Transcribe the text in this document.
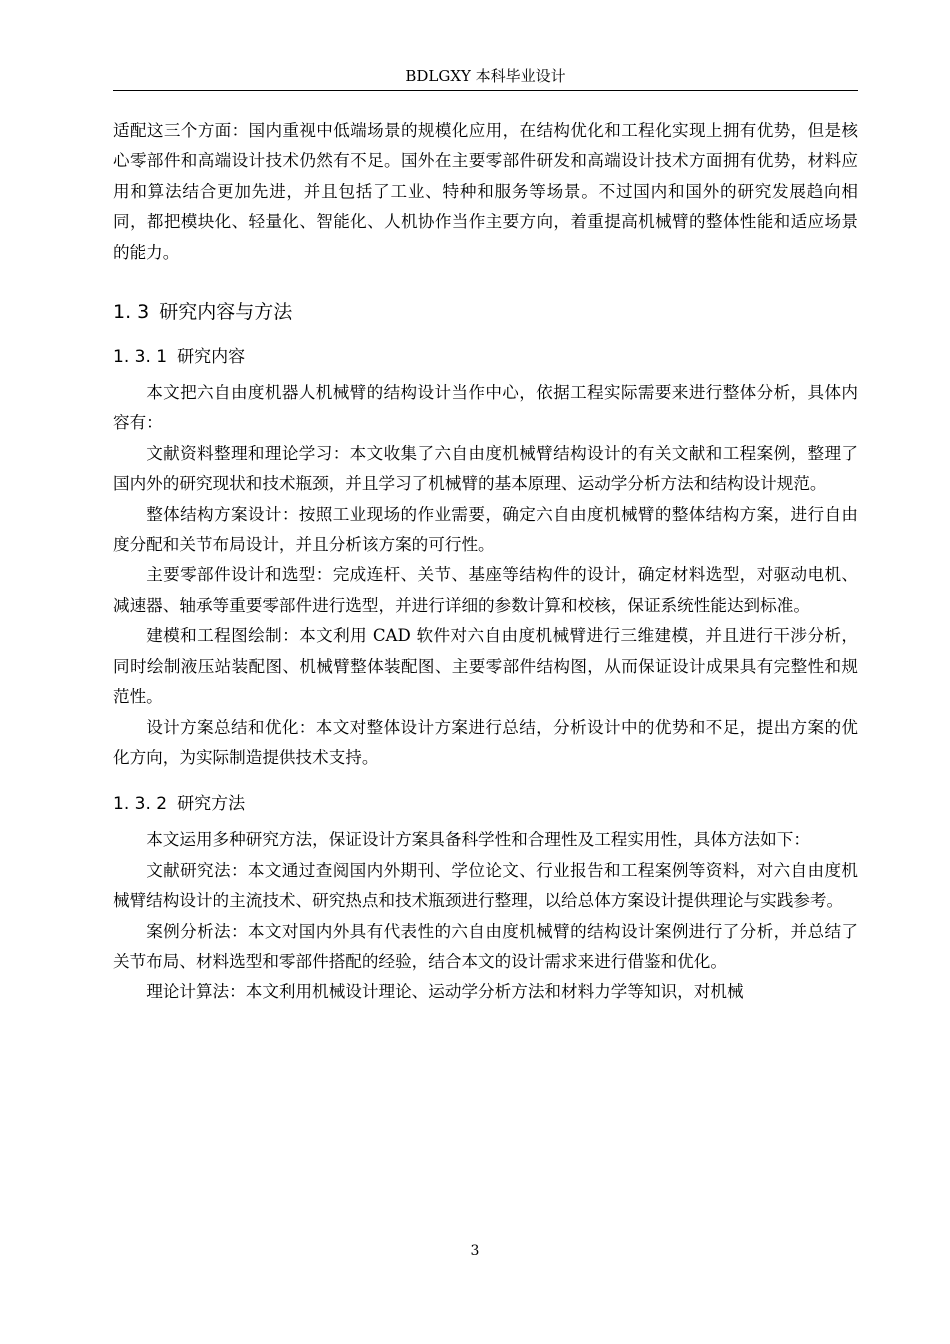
BDLGXY 本科毕业设计

适配这三个方面：国内重视中低端场景的规模化应用，在结构优化和工程化实现上拥有优势，但是核心零部件和高端设计技术仍然有不足。国外在主要零部件研发和高端设计技术方面拥有优势，材料应用和算法结合更加先进，并且包括了工业、特种和服务等场景。不过国内和国外的研究发展趋向相同，都把模块化、轻量化、智能化、人机协作当作主要方向，着重提高机械臂的整体性能和适应场景的能力。

1. 3 研究内容与方法
1. 3. 1 研究内容

本文把六自由度机器人机械臂的结构设计当作中心，依据工程实际需要来进行整体分析，具体内容有：

文献资料整理和理论学习：本文收集了六自由度机械臂结构设计的有关文献和工程案例，整理了国内外的研究现状和技术瓶颈，并且学习了机械臂的基本原理、运动学分析方法和结构设计规范。

整体结构方案设计：按照工业现场的作业需要，确定六自由度机械臂的整体结构方案，进行自由度分配和关节布局设计，并且分析该方案的可行性。

主要零部件设计和选型：完成连杆、关节、基座等结构件的设计，确定材料选型，对驱动电机、减速器、轴承等重要零部件进行选型，并进行详细的参数计算和校核，保证系统性能达到标准。

建模和工程图绘制：本文利用 CAD 软件对六自由度机械臂进行三维建模，并且进行干涉分析，同时绘制液压站装配图、机械臂整体装配图、主要零部件结构图，从而保证设计成果具有完整性和规范性。

设计方案总结和优化：本文对整体设计方案进行总结，分析设计中的优势和不足，提出方案的优化方向，为实际制造提供技术支持。

1. 3. 2 研究方法

本文运用多种研究方法，保证设计方案具备科学性和合理性及工程实用性，具体方法如下：

文献研究法：本文通过查阅国内外期刊、学位论文、行业报告和工程案例等资料，对六自由度机械臂结构设计的主流技术、研究热点和技术瓶颈进行整理，以给总体方案设计提供理论与实践参考。

案例分析法：本文对国内外具有代表性的六自由度机械臂的结构设计案例进行了分析，并总结了关节布局、材料选型和零部件搭配的经验，结合本文的设计需求来进行借鉴和优化。

理论计算法：本文利用机械设计理论、运动学分析方法和材料力学等知识，对机械

3
